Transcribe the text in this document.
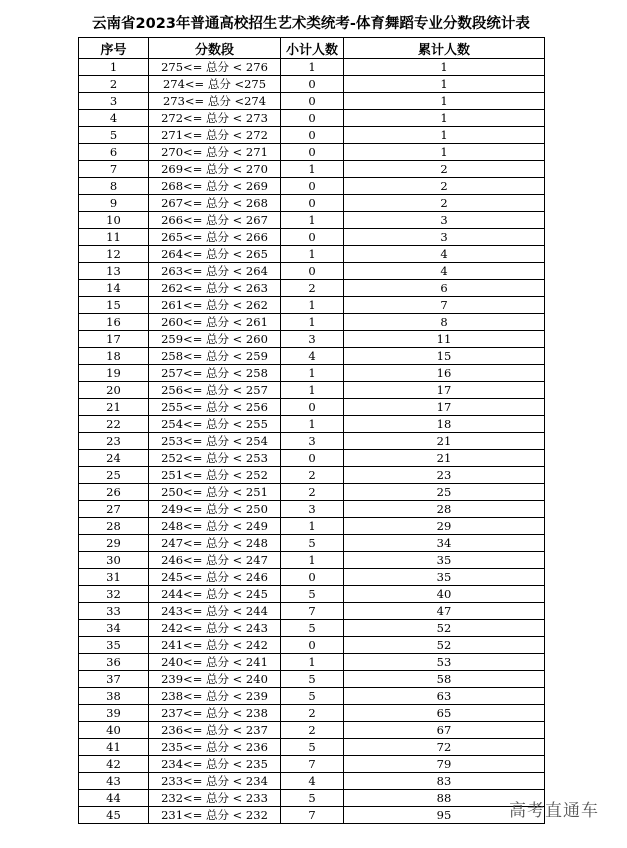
云南省2023年普通高校招生艺术类统考-体育舞蹈专业分数段统计表
序号	分数段	小计人数	累计人数
1	275<= 总分 < 276	1	1
2	274<= 总分 <275	0	1
3	273<= 总分 <274	0	1
4	272<= 总分 < 273	0	1
5	271<= 总分 < 272	0	1
6	270<= 总分 < 271	0	1
7	269<= 总分 < 270	1	2
8	268<= 总分 < 269	0	2
9	267<= 总分 < 268	0	2
10	266<= 总分 < 267	1	3
11	265<= 总分 < 266	0	3
12	264<= 总分 < 265	1	4
13	263<= 总分 < 264	0	4
14	262<= 总分 < 263	2	6
15	261<= 总分 < 262	1	7
16	260<= 总分 < 261	1	8
17	259<= 总分 < 260	3	11
18	258<= 总分 < 259	4	15
19	257<= 总分 < 258	1	16
20	256<= 总分 < 257	1	17
21	255<= 总分 < 256	0	17
22	254<= 总分 < 255	1	18
23	253<= 总分 < 254	3	21
24	252<= 总分 < 253	0	21
25	251<= 总分 < 252	2	23
26	250<= 总分 < 251	2	25
27	249<= 总分 < 250	3	28
28	248<= 总分 < 249	1	29
29	247<= 总分 < 248	5	34
30	246<= 总分 < 247	1	35
31	245<= 总分 < 246	0	35
32	244<= 总分 < 245	5	40
33	243<= 总分 < 244	7	47
34	242<= 总分 < 243	5	52
35	241<= 总分 < 242	0	52
36	240<= 总分 < 241	1	53
37	239<= 总分 < 240	5	58
38	238<= 总分 < 239	5	63
39	237<= 总分 < 238	2	65
40	236<= 总分 < 237	2	67
41	235<= 总分 < 236	5	72
42	234<= 总分 < 235	7	79
43	233<= 总分 < 234	4	83
44	232<= 总分 < 233	5	88
45	231<= 总分 < 232	7	95	高考直通车
